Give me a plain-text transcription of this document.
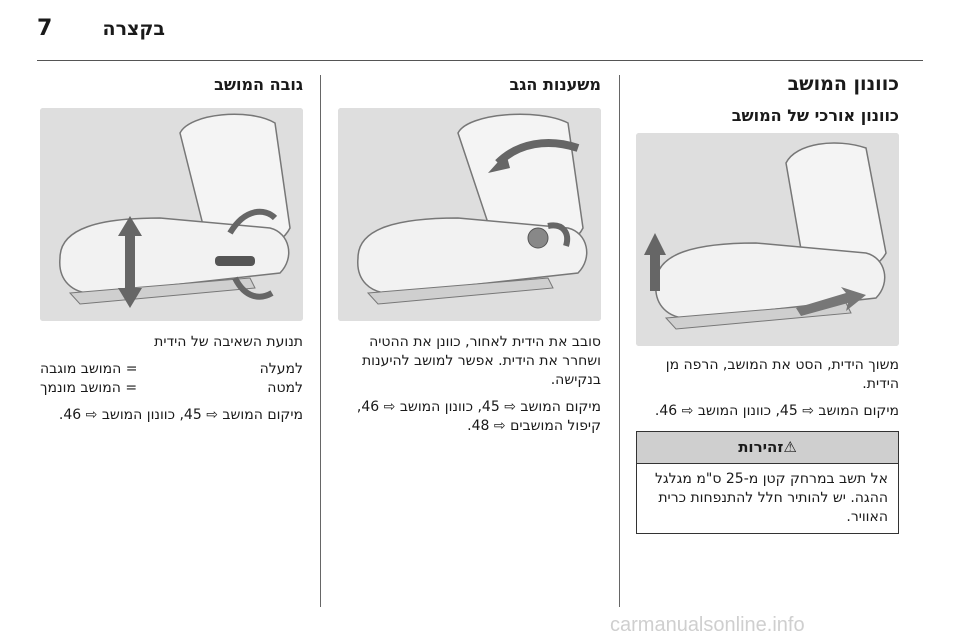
7	בקצרה
כוונון המושב
כוונון אורכי של המושב

משוך הידית, הסט את המושב, הרפה מן הידית.

מיקום המושב ⇨ 45, כוונון המושב ⇨ 46.

⚠זהירות
אל תשב במרחק קטן מ-25 ס"מ מגלגל ההגה. יש להותיר חלל להתנפחות כרית האוויר.
משענות הגב

סובב את הידית לאחור, כוונן את ההטיה ושחרר את הידית. אפשר למושב להיענות בנקישה.

מיקום המושב ⇨ 45, כוונון המושב ⇨ 46, קיפול המושבים ⇨ 48.

גובה המושב

תנועת השאיבה של הידית

למעלה
= המושב מוגבה
למטה
= המושב מונמך

מיקום המושב ⇨ 45, כוונון המושב ⇨ 46.

carmanualsonline.info
